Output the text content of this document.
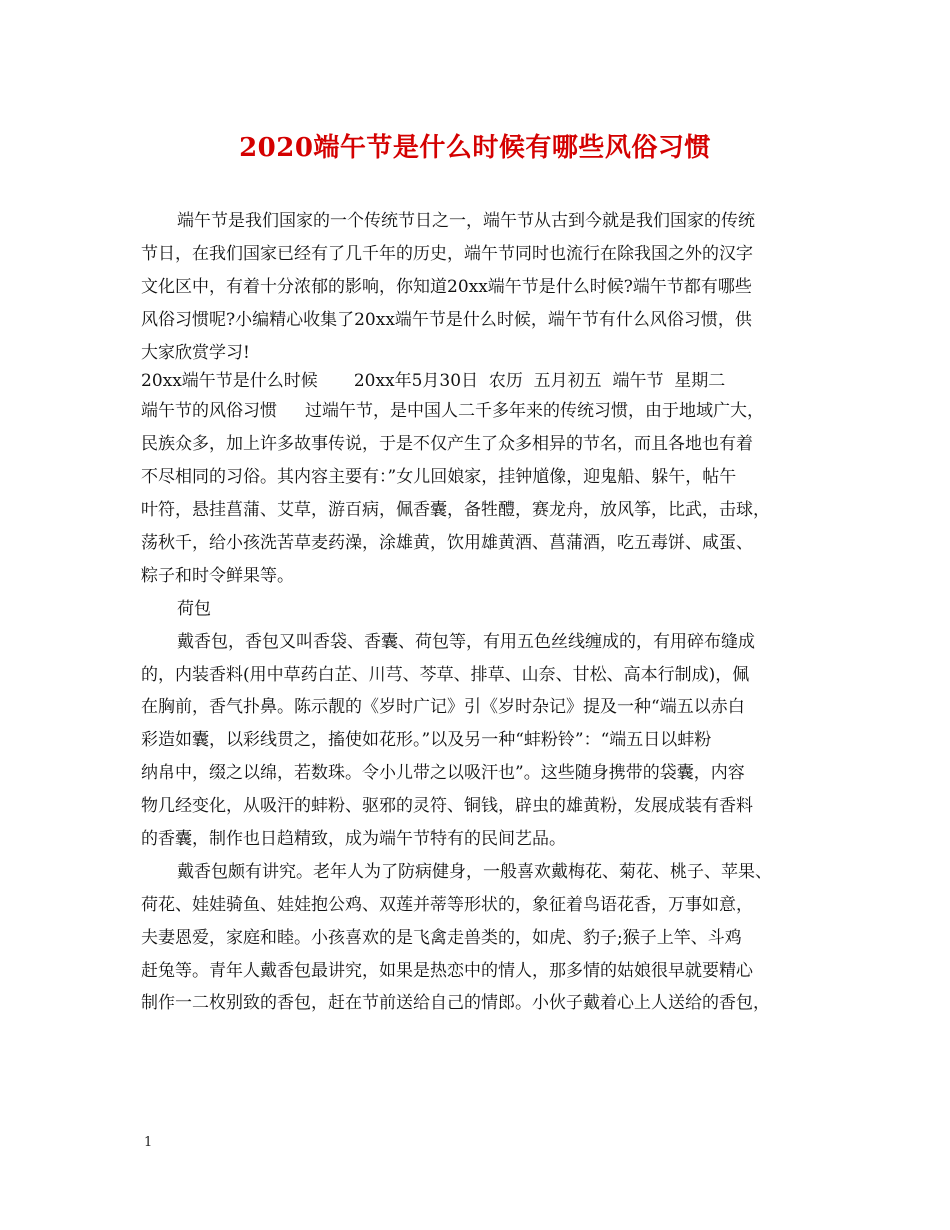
2020端午节是什么时候有哪些风俗习惯
端午节是我们国家的一个传统节日之一，端午节从古到今就是我们国家的传统
节日，在我们国家已经有了几千年的历史，端午节同时也流行在除我国之外的汉字
文化区中，有着十分浓郁的影响，你知道20xx端午节是什么时候?端午节都有哪些
风俗习惯呢?小编精心收集了20xx端午节是什么时候，端午节有什么风俗习惯，供
大家欣赏学习!
20xx端午节是什么时候 20xx年5月30日  农历  五月初五  端午节  星期二
端午节的风俗习惯 过端午节，是中国人二千多年来的传统习惯，由于地域广大，
民族众多，加上许多故事传说，于是不仅产生了众多相异的节名，而且各地也有着
不尽相同的习俗。其内容主要有：”女儿回娘家，挂钟馗像，迎鬼船、躲午，帖午
叶符，悬挂菖蒲、艾草，游百病，佩香囊，备牲醴，赛龙舟，放风筝，比武，击球，
荡秋千，给小孩洗苦草麦药澡，涂雄黄，饮用雄黄酒、菖蒲酒，吃五毒饼、咸蛋、
粽子和时令鲜果等。
荷包
戴香包，香包又叫香袋、香囊、荷包等，有用五色丝线缠成的，有用碎布缝成
的，内装香料(用中草药白芷、川芎、芩草、排草、山奈、甘松、高本行制成)，佩
在胸前，香气扑鼻。陈示靓的《岁时广记》引《岁时杂记》提及一种“端五以赤白
彩造如囊，以彩线贯之，搐使如花形。”以及另一种“蚌粉铃”：“端五日以蚌粉
纳帛中，缀之以绵，若数珠。令小儿带之以吸汗也”。这些随身携带的袋囊，内容
物几经变化，从吸汗的蚌粉、驱邪的灵符、铜钱，辟虫的雄黄粉，发展成装有香料
的香囊，制作也日趋精致，成为端午节特有的民间艺品。
戴香包颇有讲究。老年人为了防病健身，一般喜欢戴梅花、菊花、桃子、苹果、
荷花、娃娃骑鱼、娃娃抱公鸡、双莲并蒂等形状的，象征着鸟语花香，万事如意，
夫妻恩爱，家庭和睦。小孩喜欢的是飞禽走兽类的，如虎、豹子;猴子上竿、斗鸡
赶兔等。青年人戴香包最讲究，如果是热恋中的情人，那多情的姑娘很早就要精心
制作一二枚别致的香包，赶在节前送给自己的情郎。小伙子戴着心上人送给的香包，
1
